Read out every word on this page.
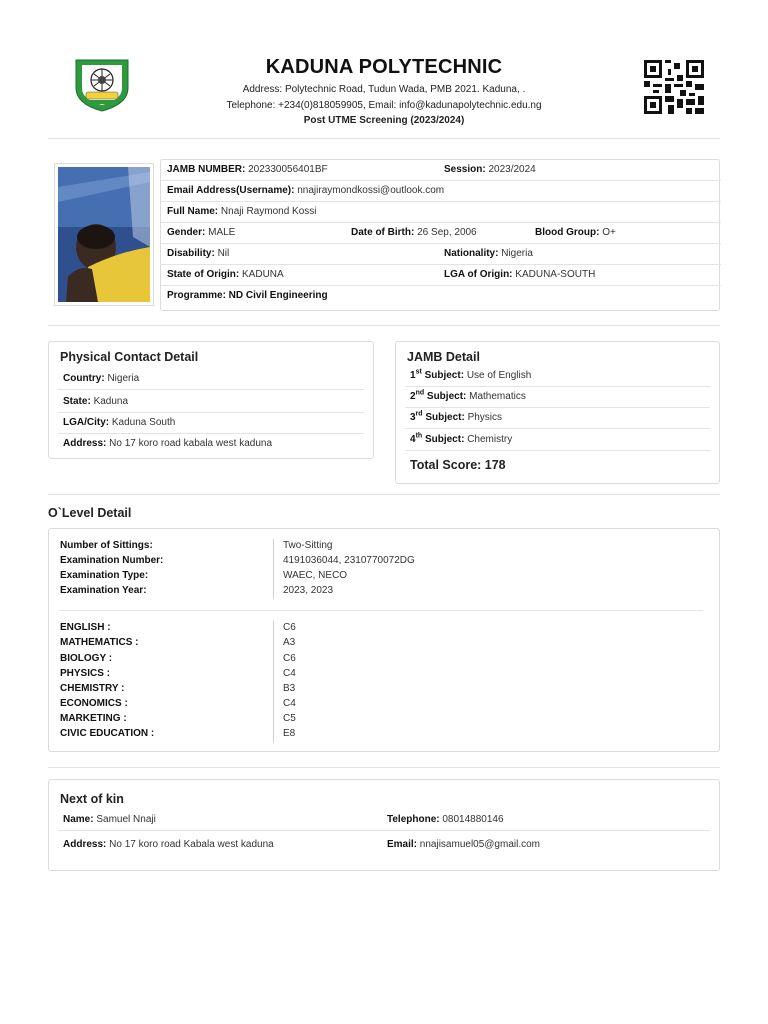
KADUNA POLYTECHNIC
Address: Polytechnic Road, Tudun Wada, PMB 2021. Kaduna, .
Telephone: +234(0)818059905, Email: info@kadunapolytechnic.edu.ng
Post UTME Screening (2023/2024)
JAMB NUMBER: 202330056401BF	Session: 2023/2024
Email Address(Username): nnajiraymondkossi@outlook.com
Full Name: Nnaji Raymond Kossi
Gender: MALE	Date of Birth: 26 Sep, 2006	Blood Group: O+
Disability: Nil	Nationality: Nigeria
State of Origin: KADUNA	LGA of Origin: KADUNA-SOUTH
Programme: ND Civil Engineering
Physical Contact Detail
Country: Nigeria
State: Kaduna
LGA/City: Kaduna South
Address: No 17 koro road kabala west kaduna
JAMB Detail
1st Subject: Use of English
2nd Subject: Mathematics
3rd Subject: Physics
4th Subject: Chemistry
Total Score: 178
O`Level Detail
Number of Sittings:	Two-Sitting
Examination Number:	4191036044, 2310770072DG
Examination Type:	WAEC, NECO
Examination Year:	2023, 2023
ENGLISH :	C6
MATHEMATICS :	A3
BIOLOGY :	C6
PHYSICS :	C4
CHEMISTRY :	B3
ECONOMICS :	C4
MARKETING :	C5
CIVIC EDUCATION :	E8
Next of kin
Name: Samuel Nnaji	Telephone: 08014880146
Address: No 17 koro road Kabala west kaduna	Email: nnajisamuel05@gmail.com
